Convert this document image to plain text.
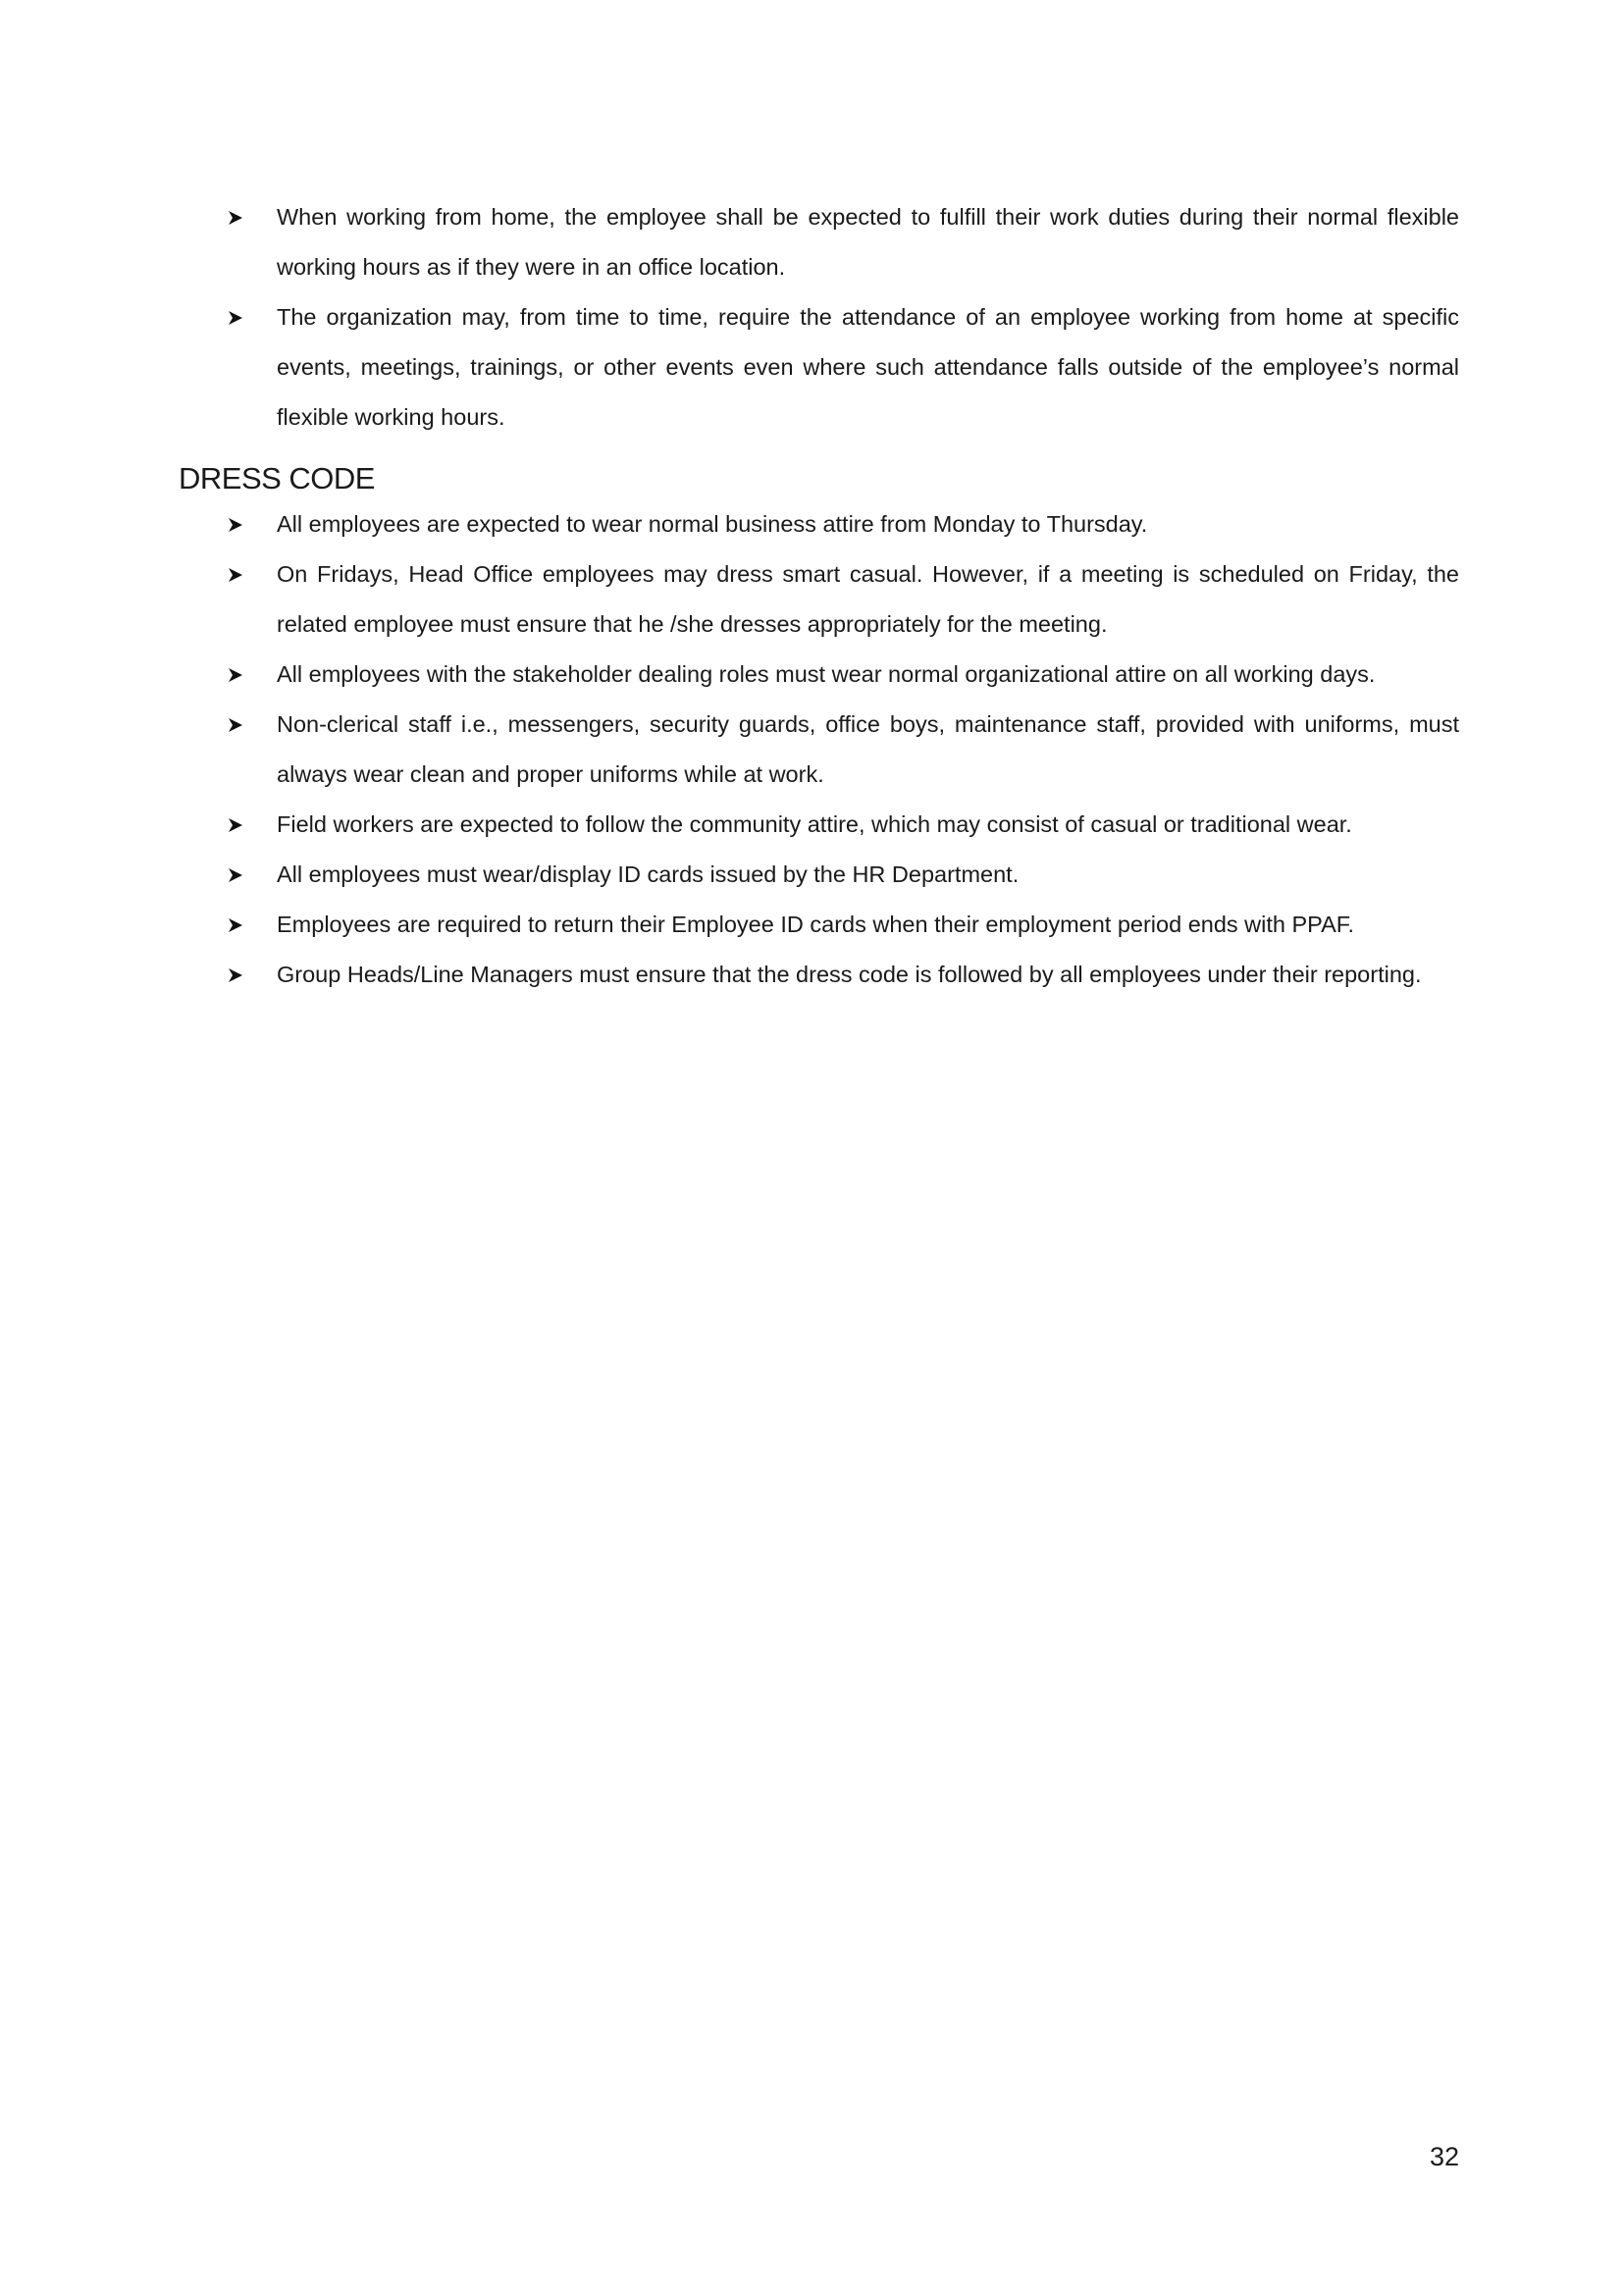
When working from home, the employee shall be expected to fulfill their work duties during their normal flexible working hours as if they were in an office location.
The organization may, from time to time, require the attendance of an employee working from home at specific events, meetings, trainings, or other events even where such attendance falls outside of the employee’s normal flexible working hours.
DRESS CODE
All employees are expected to wear normal business attire from Monday to Thursday.
On Fridays, Head Office employees may dress smart casual. However, if a meeting is scheduled on Friday, the related employee must ensure that he /she dresses appropriately for the meeting.
All employees with the stakeholder dealing roles must wear normal organizational attire on all working days.
Non-clerical staff i.e., messengers, security guards, office boys, maintenance staff, provided with uniforms, must always wear clean and proper uniforms while at work.
Field workers are expected to follow the community attire, which may consist of casual or traditional wear.
All employees must wear/display ID cards issued by the HR Department.
Employees are required to return their Employee ID cards when their employment period ends with PPAF.
Group Heads/Line Managers must ensure that the dress code is followed by all employees under their reporting.
32
